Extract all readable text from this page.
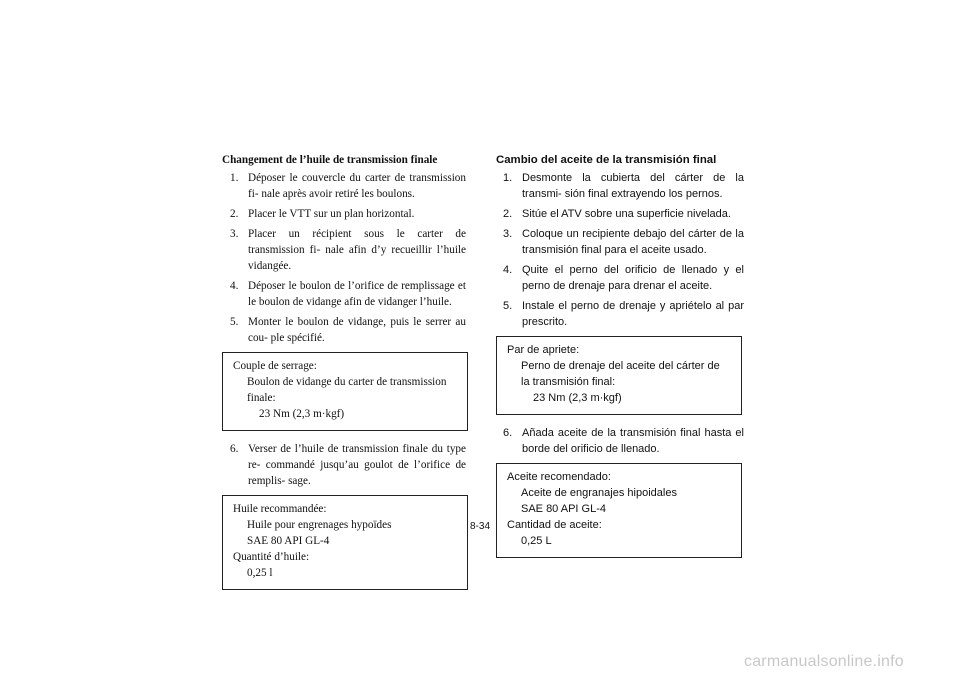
Changement de l’huile de transmission finale

1. Déposer le couvercle du carter de transmission fi- nale après avoir retiré les boulons.
2. Placer le VTT sur un plan horizontal.
3. Placer un récipient sous le carter de transmission fi- nale afin d’y recueillir l’huile vidangée.
4. Déposer le boulon de l’orifice de remplissage et le boulon de vidange afin de vidanger l’huile.
5. Monter le boulon de vidange, puis le serrer au cou- ple spécifié.

Couple de serrage:

Boulon de vidange du carter de transmission finale:

23 Nm (2,3 m·kgf)

6. Verser de l’huile de transmission finale du type re- commandé jusqu’au goulot de l’orifice de remplis- sage.

Huile recommandée:

Huile pour engrenages hypoïdes

SAE 80 API GL-4

Quantité d’huile:

0,25 l

Cambio del aceite de la transmisión final

1. Desmonte la cubierta del cárter de la transmi- sión final extrayendo los pernos.
2. Sitúe el ATV sobre una superficie nivelada.
3. Coloque un recipiente debajo del cárter de la transmisión final para el aceite usado.
4. Quite el perno del orificio de llenado y el perno de drenaje para drenar el aceite.
5. Instale el perno de drenaje y apriételo al par prescrito.

Par de apriete:

Perno de drenaje del aceite del cárter de la transmisión final:

23 Nm (2,3 m·kgf)

6. Añada aceite de la transmisión final hasta el borde del orificio de llenado.

Aceite recomendado:

Aceite de engranajes hipoidales

SAE 80 API GL-4

Cantidad de aceite:

0,25 L

8-34
carmanualsonline.info
